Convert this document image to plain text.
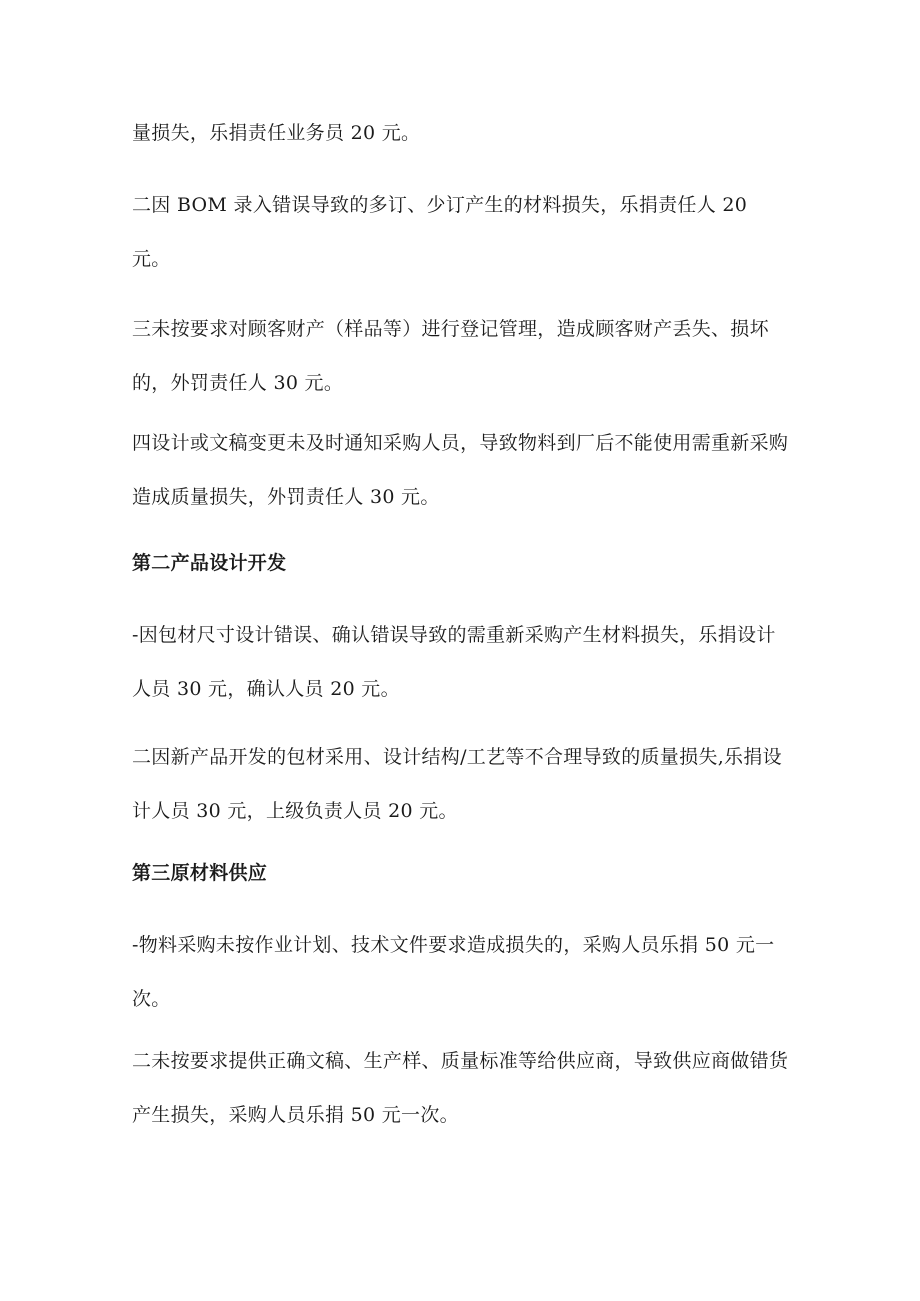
量损失，乐捐责任业务员 20 元。

二因 BOM 录入错误导致的多订、少订产生的材料损失，乐捐责任人 20 元。

三未按要求对顾客财产（样品等）进行登记管理，造成顾客财产丢失、损坏的，外罚责任人 30 元。

四设计或文稿变更未及时通知采购人员，导致物料到厂后不能使用需重新采购造成质量损失，外罚责任人 30 元。

第二产品设计开发

-因包材尺寸设计错误、确认错误导致的需重新采购产生材料损失，乐捐设计人员 30 元，确认人员 20 元。

二因新产品开发的包材采用、设计结构/工艺等不合理导致的质量损失,乐捐设计人员 30 元，上级负责人员 20 元。

第三原材料供应

-物料采购未按作业计划、技术文件要求造成损失的，采购人员乐捐 50 元一次。

二未按要求提供正确文稿、生产样、质量标准等给供应商，导致供应商做错货产生损失，采购人员乐捐 50 元一次。
